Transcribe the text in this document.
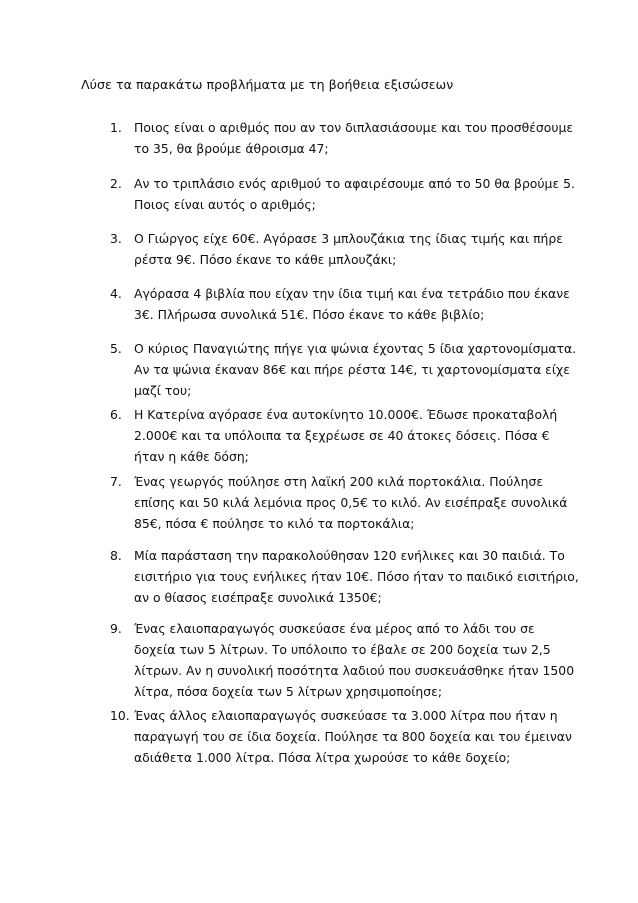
Λύσε τα παρακάτω προβλήματα με τη βοήθεια εξισώσεων
1. Ποιος είναι ο αριθμός που αν τον διπλασιάσουμε και του προσθέσουμε
το 35, θα βρούμε άθροισμα 47;
2. Αν το τριπλάσιο ενός αριθμού το αφαιρέσουμε από το 50 θα βρούμε 5.
Ποιος είναι αυτός ο αριθμός;
3. Ο Γιώργος είχε 60€. Αγόρασε 3 μπλουζάκια της ίδιας τιμής και πήρε
ρέστα 9€. Πόσο έκανε το κάθε μπλουζάκι;
4. Αγόρασα 4 βιβλία που είχαν την ίδια τιμή και ένα τετράδιο που έκανε
3€. Πλήρωσα συνολικά 51€. Πόσο έκανε το κάθε βιβλίο;
5. Ο κύριος Παναγιώτης πήγε για ψώνια έχοντας 5 ίδια χαρτονομίσματα.
Αν τα ψώνια έκαναν 86€ και πήρε ρέστα 14€, τι χαρτονομίσματα είχε
μαζί του;
6. Η Κατερίνα αγόρασε ένα αυτοκίνητο 10.000€. Έδωσε προκαταβολή
2.000€ και τα υπόλοιπα τα ξεχρέωσε σε 40 άτοκες δόσεις. Πόσα €
ήταν η κάθε δόση;
7. Ένας γεωργός πούλησε στη λαϊκή 200 κιλά πορτοκάλια. Πούλησε
επίσης και 50 κιλά λεμόνια προς 0,5€ το κιλό. Αν εισέπραξε συνολικά
85€, πόσα € πούλησε το κιλό τα πορτοκάλια;
8. Μία παράσταση την παρακολούθησαν 120 ενήλικες και 30 παιδιά. Το
εισιτήριο για τους ενήλικες ήταν 10€. Πόσο ήταν το παιδικό εισιτήριο,
αν ο θίασος εισέπραξε συνολικά 1350€;
9. Ένας ελαιοπαραγωγός συσκεύασε ένα μέρος από το λάδι του σε
δοχεία των 5 λίτρων. Το υπόλοιπο το έβαλε σε 200 δοχεία των 2,5
λίτρων. Αν η συνολική ποσότητα λαδιού που συσκευάσθηκε ήταν 1500
λίτρα, πόσα δοχεία των 5 λίτρων χρησιμοποίησε;
10. Ένας άλλος ελαιοπαραγωγός συσκεύασε τα 3.000 λίτρα που ήταν η
παραγωγή του σε ίδια δοχεία. Πούλησε τα 800 δοχεία και του έμειναν
αδιάθετα 1.000 λίτρα. Πόσα λίτρα χωρούσε το κάθε δοχείο;
